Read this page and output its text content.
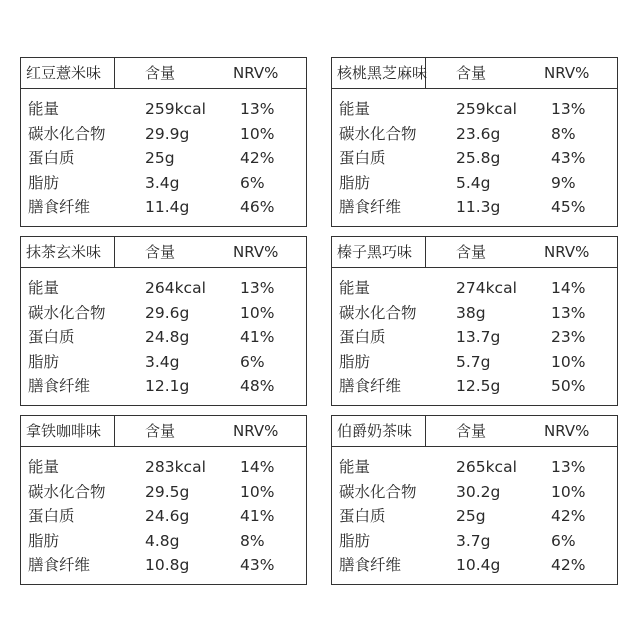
红豆薏米味	含量	NRV%
能量	259kcal 13%
碳水化合物	29.9g	10%
蛋白质	25g	42%
脂肪	3.4g	6%
膳食纤维	11.4g	46%
核桃黑芝麻味 含量	NRV%
能量	259kcal 13%
碳水化合物	23.6g	8%
蛋白质	25.8g	43%
脂肪	5.4g	9%
膳食纤维	11.3g	45%
抹茶玄米味	含量	NRV%
能量	264kcal 13%
碳水化合物	29.6g	10%
蛋白质	24.8g	41%
脂肪	3.4g	6%
膳食纤维	12.1g	48%
榛子黑巧味	含量	NRV%
能量	274kcal 14%
碳水化合物	38g	13%
蛋白质	13.7g	23%
脂肪	5.7g	10%
膳食纤维	12.5g	50%
拿铁咖啡味	含量	NRV%
能量	283kcal 14%
碳水化合物	29.5g	10%
蛋白质	24.6g	41%
脂肪	4.8g	8%
膳食纤维	10.8g	43%
伯爵奶茶味	含量	NRV%
能量	265kcal 13%
碳水化合物	30.2g	10%
蛋白质	25g	42%
脂肪	3.7g	6%
膳食纤维	10.4g	42%
